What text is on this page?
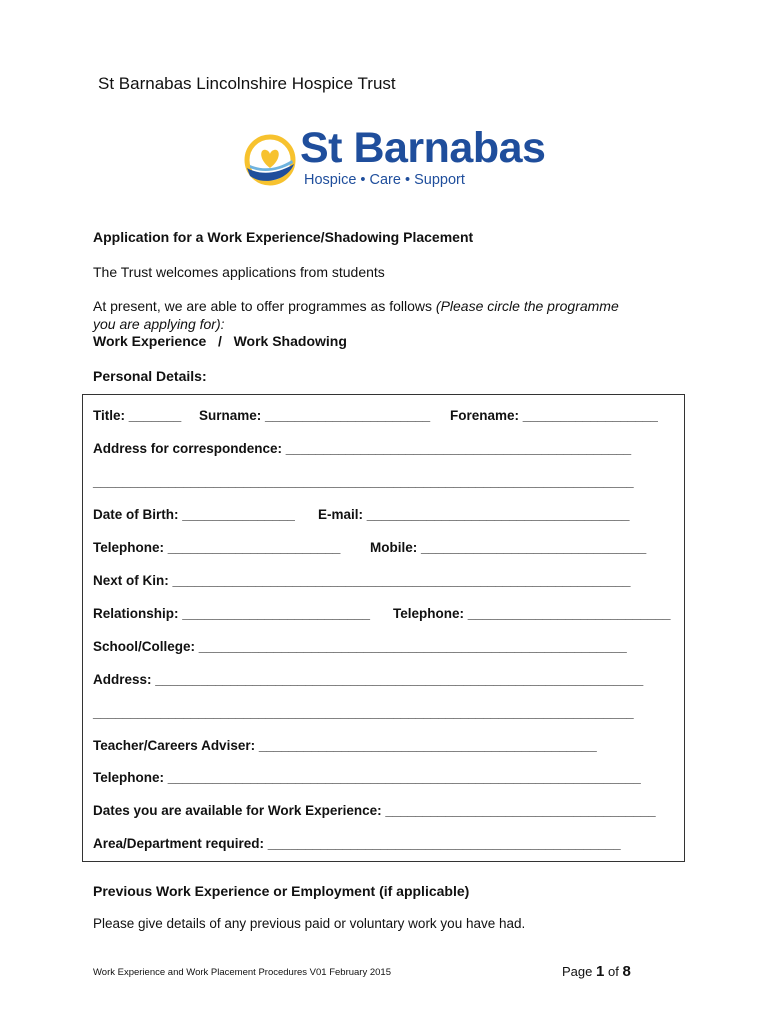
St Barnabas Lincolnshire Hospice Trust
St Barnabas
Hospice • Care • Support
Application for a Work Experience/Shadowing Placement
The Trust welcomes applications from students
At present, we are able to offer programmes as follows (Please circle the programme
you are applying for):
Work Experience   /   Work Shadowing
Personal Details:
Title: _______ Surname: ______________________ Forename: __________________
Address for correspondence: ______________________________________________
________________________________________________________________________
Date of Birth: _______________ E-mail: ___________________________________
Telephone: _______________________ Mobile: ______________________________
Next of Kin: _____________________________________________________________
Relationship: _________________________ Telephone: ___________________________
School/College: _________________________________________________________
Address: _________________________________________________________________
________________________________________________________________________
Teacher/Careers Adviser: _____________________________________________
Telephone: _______________________________________________________________
Dates you are available for Work Experience: ____________________________________
Area/Department required: _______________________________________________
Previous Work Experience or Employment (if applicable)
Please give details of any previous paid or voluntary work you have had.
Work Experience and Work Placement Procedures V01 February 2015	Page 1 of 8
